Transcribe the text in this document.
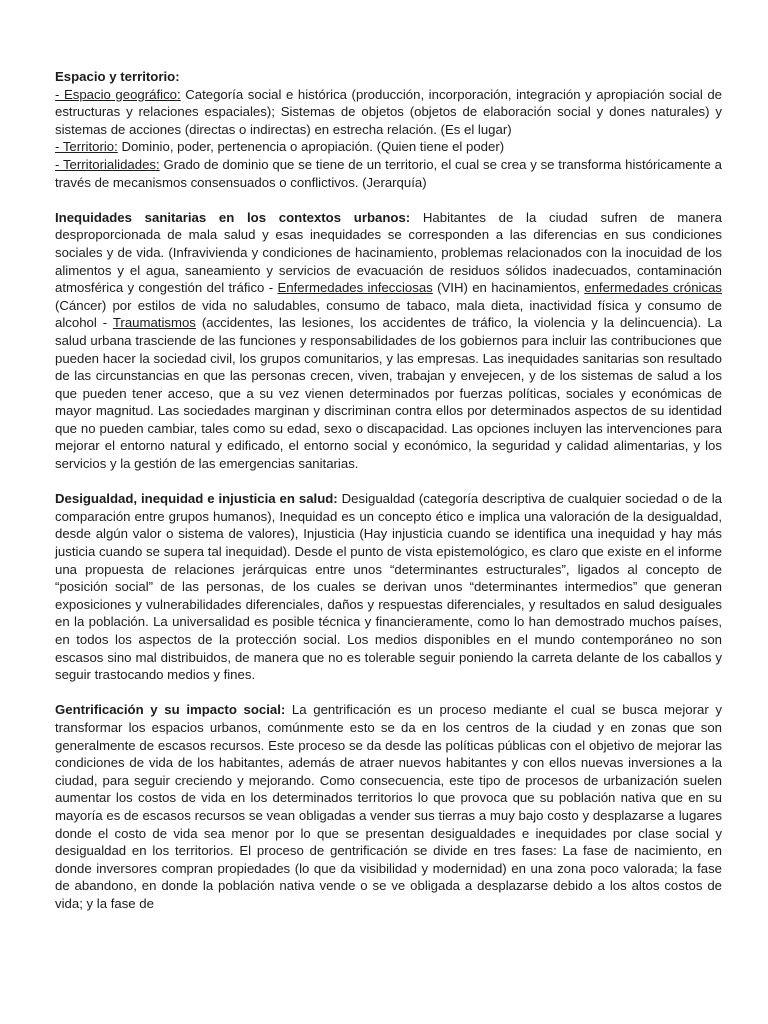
Espacio y territorio:
- Espacio geográfico: Categoría social e histórica (producción, incorporación, integración y apropiación social de estructuras y relaciones espaciales); Sistemas de objetos (objetos de elaboración social y dones naturales) y sistemas de acciones (directas o indirectas) en estrecha relación. (Es el lugar)
- Territorio: Dominio, poder, pertenencia o apropiación. (Quien tiene el poder)
- Territorialidades: Grado de dominio que se tiene de un territorio, el cual se crea y se transforma históricamente a través de mecanismos consensuados o conflictivos. (Jerarquía)

Inequidades sanitarias en los contextos urbanos: Habitantes de la ciudad sufren de manera desproporcionada de mala salud y esas inequidades se corresponden a las diferencias en sus condiciones sociales y de vida. (Infravivienda y condiciones de hacinamiento, problemas relacionados con la inocuidad de los alimentos y el agua, saneamiento y servicios de evacuación de residuos sólidos inadecuados, contaminación atmosférica y congestión del tráfico - Enfermedades infecciosas (VIH) en hacinamientos, enfermedades crónicas (Cáncer) por estilos de vida no saludables, consumo de tabaco, mala dieta, inactividad física y consumo de alcohol - Traumatismos (accidentes, las lesiones, los accidentes de tráfico, la violencia y la delincuencia). La salud urbana trasciende de las funciones y responsabilidades de los gobiernos para incluir las contribuciones que pueden hacer la sociedad civil, los grupos comunitarios, y las empresas. Las inequidades sanitarias son resultado de las circunstancias en que las personas crecen, viven, trabajan y envejecen, y de los sistemas de salud a los que pueden tener acceso, que a su vez vienen determinados por fuerzas políticas, sociales y económicas de mayor magnitud. Las sociedades marginan y discriminan contra ellos por determinados aspectos de su identidad que no pueden cambiar, tales como su edad, sexo o discapacidad. Las opciones incluyen las intervenciones para mejorar el entorno natural y edificado, el entorno social y económico, la seguridad y calidad alimentarias, y los servicios y la gestión de las emergencias sanitarias.

Desigualdad, inequidad e injusticia en salud: Desigualdad (categoría descriptiva de cualquier sociedad o de la comparación entre grupos humanos), Inequidad es un concepto ético e implica una valoración de la desigualdad, desde algún valor o sistema de valores), Injusticia (Hay injusticia cuando se identifica una inequidad y hay más justicia cuando se supera tal inequidad). Desde el punto de vista epistemológico, es claro que existe en el informe una propuesta de relaciones jerárquicas entre unos “determinantes estructurales”, ligados al concepto de “posición social” de las personas, de los cuales se derivan unos “determinantes intermedios” que generan exposiciones y vulnerabilidades diferenciales, daños y respuestas diferenciales, y resultados en salud desiguales en la población. La universalidad es posible técnica y financieramente, como lo han demostrado muchos países, en todos los aspectos de la protección social. Los medios disponibles en el mundo contemporáneo no son escasos sino mal distribuidos, de manera que no es tolerable seguir poniendo la carreta delante de los caballos y seguir trastocando medios y fines.

Gentrificación y su impacto social: La gentrificación es un proceso mediante el cual se busca mejorar y transformar los espacios urbanos, comúnmente esto se da en los centros de la ciudad y en zonas que son generalmente de escasos recursos. Este proceso se da desde las políticas públicas con el objetivo de mejorar las condiciones de vida de los habitantes, además de atraer nuevos habitantes y con ellos nuevas inversiones a la ciudad, para seguir creciendo y mejorando. Como consecuencia, este tipo de procesos de urbanización suelen aumentar los costos de vida en los determinados territorios lo que provoca que su población nativa que en su mayoría es de escasos recursos se vean obligadas a vender sus tierras a muy bajo costo y desplazarse a lugares donde el costo de vida sea menor por lo que se presentan desigualdades e inequidades por clase social y desigualdad en los territorios. El proceso de gentrificación se divide en tres fases: La fase de nacimiento, en donde inversores compran propiedades (lo que da visibilidad y modernidad) en una zona poco valorada; la fase de abandono, en donde la población nativa vende o se ve obligada a desplazarse debido a los altos costos de vida; y la fase de
